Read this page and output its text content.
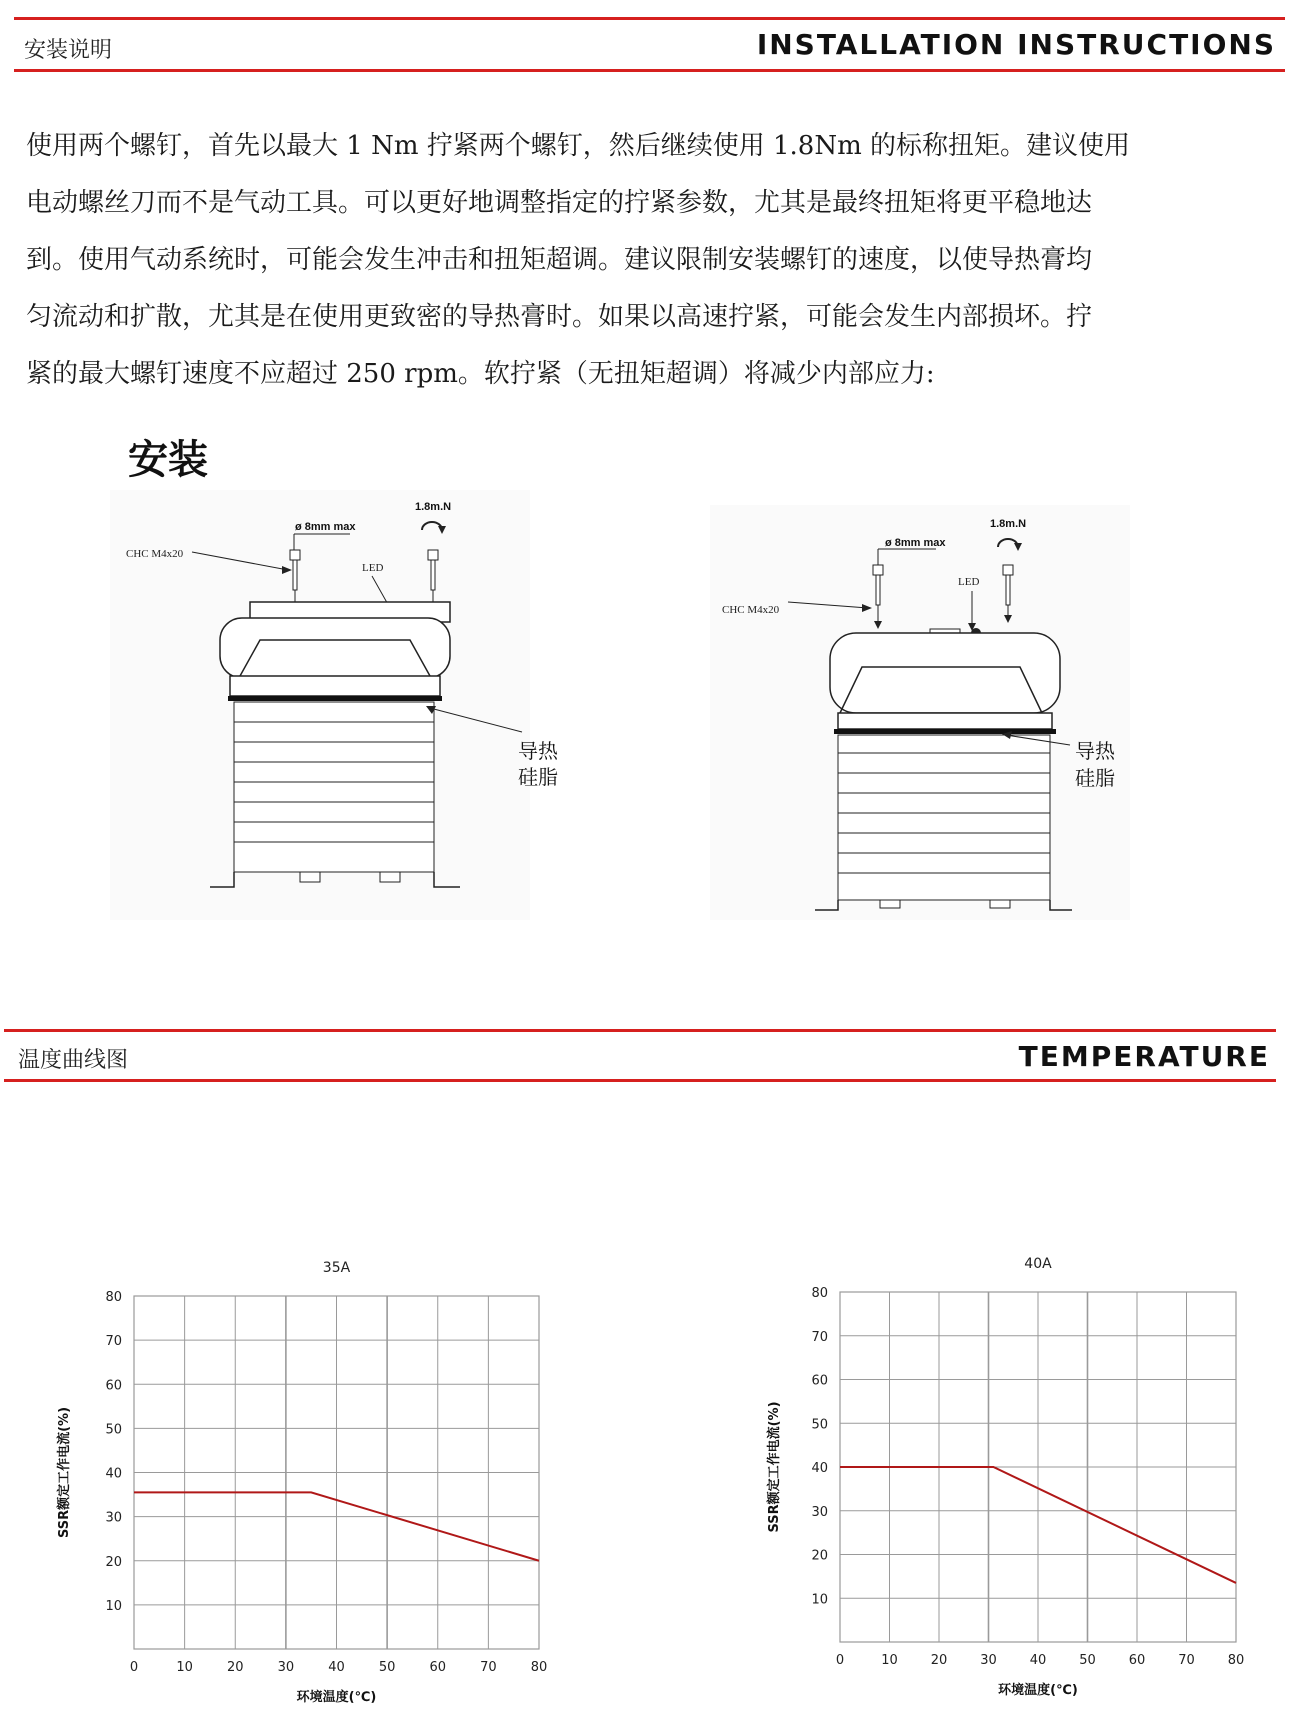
安装说明	INSTALLATION INSTRUCTIONS
使用两个螺钉，首先以最大 1 Nm 拧紧两个螺钉，然后继续使用 1.8Nm 的标称扭矩。建议使用
电动螺丝刀而不是气动工具。可以更好地调整指定的拧紧参数，尤其是最终扭矩将更平稳地达
到。使用气动系统时，可能会发生冲击和扭矩超调。建议限制安装螺钉的速度，以使导热膏均
匀流动和扩散，尤其是在使用更致密的导热膏时。如果以高速拧紧，可能会发生内部损坏。拧
紧的最大螺钉速度不应超过 250 rpm。软拧紧（无扭矩超调）将减少内部应力:
安装
CHC M4x20
ø 8mm max
1.8m.N
LED
导热
硅脂
CHC M4x20
ø 8mm max
1.8m.N
LED
导热
硅脂
温度曲线图	TEMPERATURE
0	10	20	30	40	50	60	70	80
10
20
30
40
50
60
70
80
35A
环境温度(℃)
SSR额定工作电流(%)
0	10	20	30	40	50	60	70	80
10
20
30
40
50
60
70
80
40A
环境温度(℃)
SSR额定工作电流(%)
